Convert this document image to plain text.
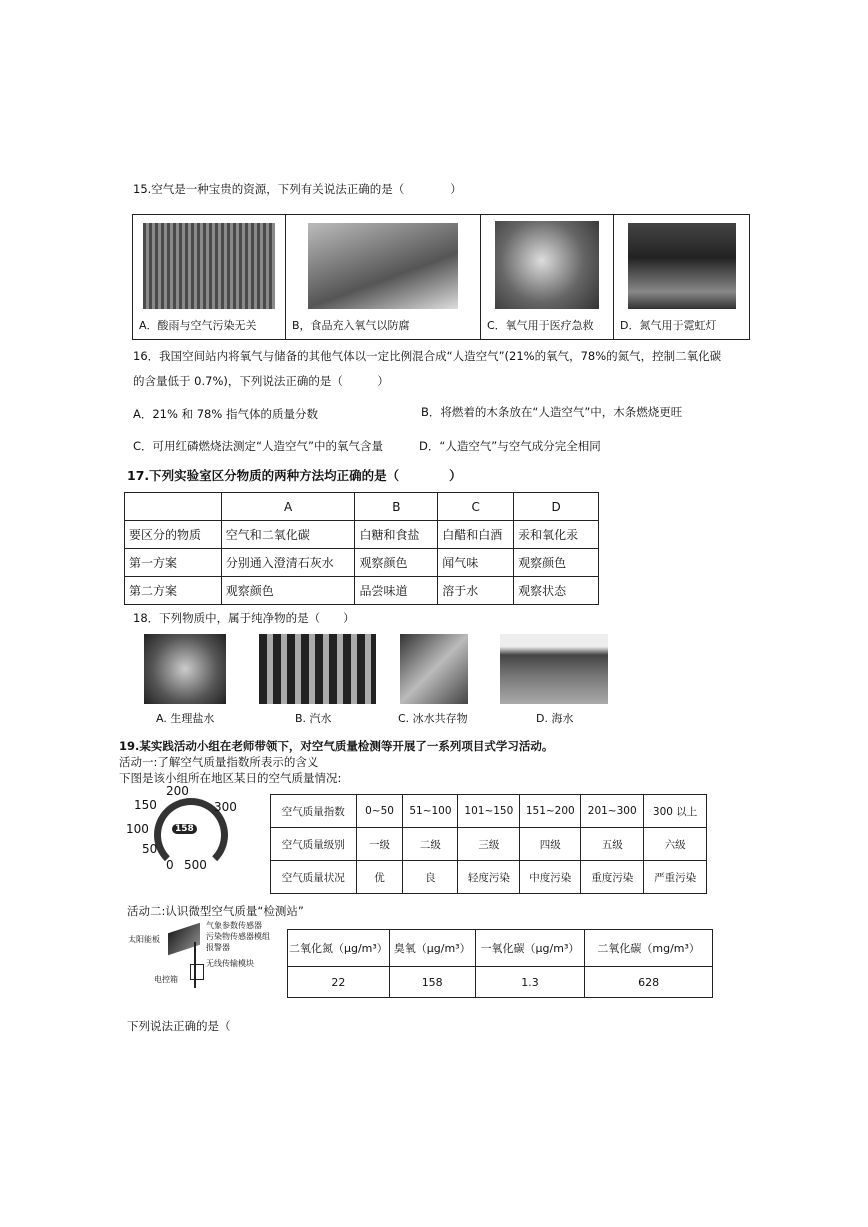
15.空气是一种宝贵的资源，下列有关说法正确的是（　　　　）
A．酸雨与空气污染无关	B，食品充入氧气以防腐	C．氧气用于医疗急救 D．氮气用于霓虹灯
16．我国空间站内将氧气与储备的其他气体以一定比例混合成“人造空气”(21%的氧气，78%的氮气，控制二氧化碳
的含量低于 0.7%)，下列说法正确的是（　　　）
A．21% 和 78% 指气体的质量分数	B．将燃着的木条放在“人造空气”中，木条燃烧更旺
C．可用红磷燃烧法测定“人造空气”中的氧气含量	D．“人造空气”与空气成分完全相同
17.下列实验室区分物质的两种方法均正确的是（　　　　）
	A	B	C	D
要区分的物质	空气和二氧化碳	白糖和食盐	白醋和白酒	汞和氧化汞
第一方案	分别通入澄清石灰水	观察颜色	闻气味	观察颜色
第二方案	观察颜色	品尝味道	溶于水	观察状态
18．下列物质中，属于纯净物的是（　　）
A. 生理盐水	B. 汽水	C. 冰水共存物	D. 海水
19.某实践活动小组在老师带领下，对空气质量检测等开展了一系列项目式学习活动。
活动一:了解空气质量指数所表示的含义
下图是该小组所在地区某日的空气质量情况:
158
200
150	300
100
50
0 500
空气质量指数	0~50	51~100	101~150	151~200	201~300	300 以上
空气质量级别	一级	二级	三级	四级	五级	六级
空气质量状况	优	良	轻度污染	中度污染	重度污染	严重污染
活动二:认识微型空气质量“检测站”
太阳能板
气象参数传感器
污染物传感器模组
报警器
无线传输模块
电控箱
二氧化氮（μg/m³）	臭氧（μg/m³）	一氧化碳（μg/m³）	二氧化碳（mg/m³）
22	158	1.3	628
下列说法正确的是（
